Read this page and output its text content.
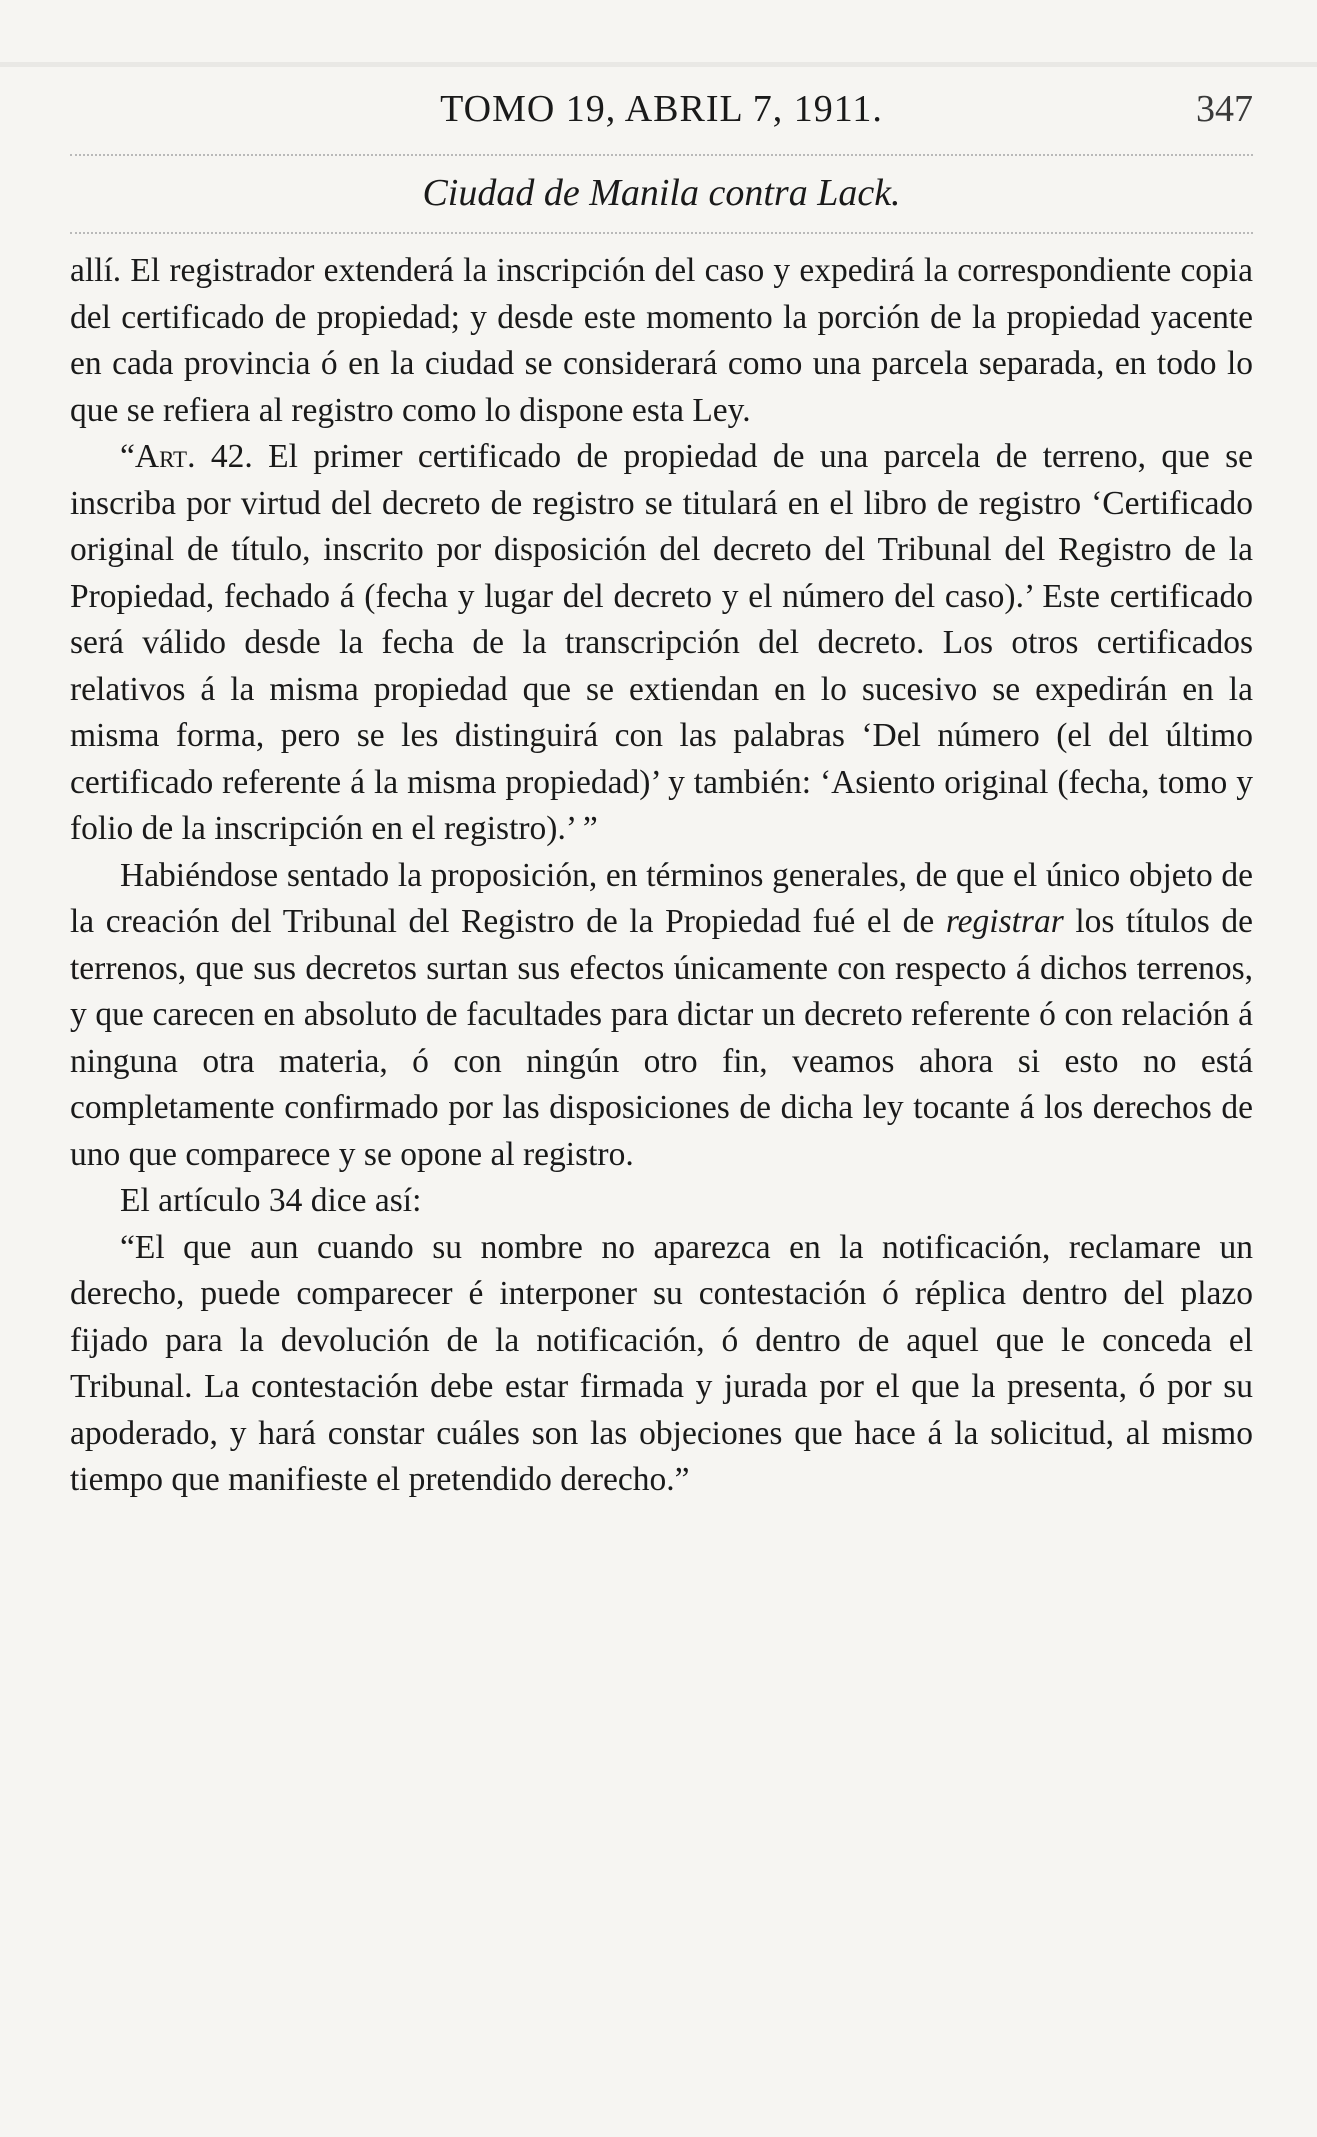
TOMO 19, ABRIL 7, 1911.	347
Ciudad de Manila contra Lack.

allí. El registrador extenderá la inscripción del caso y expedirá la correspondiente copia del certificado de propiedad; y desde este momento la porción de la propiedad yacente en cada provincia ó en la ciudad se considerará como una parcela separada, en todo lo que se refiera al registro como lo dispone esta Ley.

“Art. 42. El primer certificado de propiedad de una parcela de terreno, que se inscriba por virtud del decreto de registro se titulará en el libro de registro ‘Certificado original de título, inscrito por disposición del decreto del Tribunal del Registro de la Propiedad, fechado á (fecha y lugar del decreto y el número del caso).’ Este certificado será válido desde la fecha de la transcripción del decreto. Los otros certificados relativos á la misma propiedad que se extiendan en lo sucesivo se expedirán en la misma forma, pero se les distinguirá con las palabras ‘Del número (el del último certificado referente á la misma propiedad)’ y también: ‘Asiento original (fecha, tomo y folio de la inscripción en el registro).’ ”

Habiéndose sentado la proposición, en términos generales, de que el único objeto de la creación del Tribunal del Registro de la Propiedad fué el de registrar los títulos de terrenos, que sus decretos surtan sus efectos únicamente con respecto á dichos terrenos, y que carecen en absoluto de facultades para dictar un decreto referente ó con relación á ninguna otra materia, ó con ningún otro fin, veamos ahora si esto no está completamente confirmado por las disposiciones de dicha ley tocante á los derechos de uno que comparece y se opone al registro.

El artículo 34 dice así:

“El que aun cuando su nombre no aparezca en la notificación, reclamare un derecho, puede comparecer é interponer su contestación ó réplica dentro del plazo fijado para la devolución de la notificación, ó dentro de aquel que le conceda el Tribunal. La contestación debe estar firmada y jurada por el que la presenta, ó por su apoderado, y hará constar cuáles son las objeciones que hace á la solicitud, al mismo tiempo que manifieste el pretendido derecho.”
